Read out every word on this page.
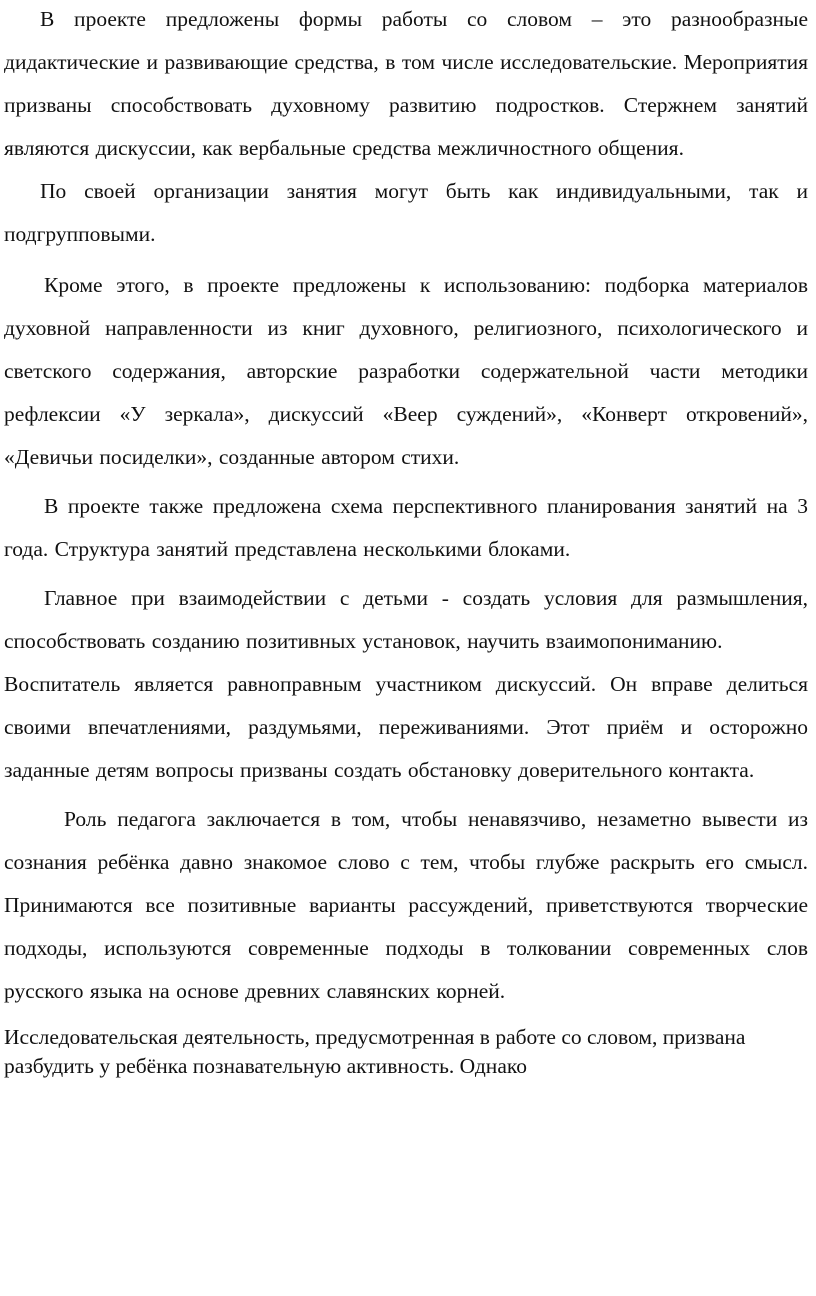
В проекте предложены формы работы со словом – это разнообразные дидактические и развивающие средства, в том числе исследовательские. Мероприятия призваны способствовать духовному развитию подростков. Стержнем занятий являются дискуссии, как вербальные средства межличностного общения.

По своей организации занятия могут быть как индивидуальными, так и подгрупповыми.

Кроме этого, в проекте предложены к использованию: подборка материалов духовной направленности из книг духовного, религиозного, психологического и светского содержания, авторские разработки содержательной части методики рефлексии «У зеркала», дискуссий «Веер суждений», «Конверт откровений», «Девичьи посиделки», созданные автором стихи.

В проекте также предложена схема перспективного планирования занятий на 3 года. Структура занятий представлена несколькими блоками.

Главное при взаимодействии с детьми - создать условия для размышления, способствовать созданию позитивных установок, научить взаимопониманию.

Воспитатель является равноправным участником дискуссий. Он вправе делиться своими впечатлениями, раздумьями, переживаниями. Этот приём и осторожно заданные детям вопросы призваны создать обстановку доверительного контакта.

Роль педагога заключается в том, чтобы ненавязчиво, незаметно вывести из сознания ребёнка давно знакомое слово с тем, чтобы глубже раскрыть его смысл. Принимаются все позитивные варианты рассуждений, приветствуются творческие подходы, используются современные подходы в толковании современных слов русского языка на основе древних славянских корней.

Исследовательская деятельность, предусмотренная в работе со словом, призвана разбудить у ребёнка познавательную активность. Однако
